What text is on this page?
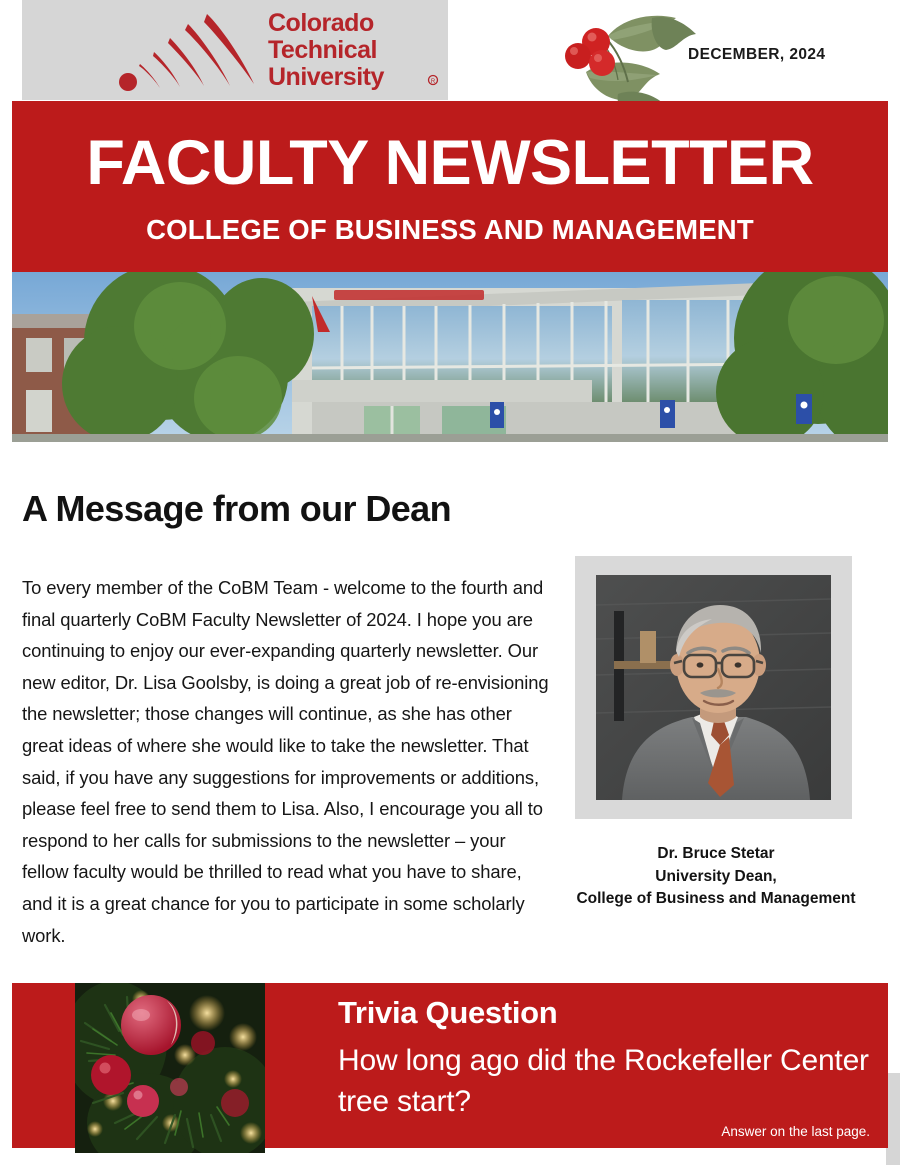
Colorado
Technical
University	R
DECEMBER, 2024
FACULTY NEWSLETTER
COLLEGE OF BUSINESS AND MANAGEMENT
A Message from our Dean
To every member of the CoBM Team - welcome to the fourth and final quarterly CoBM Faculty Newsletter of 2024. I hope you are continuing to enjoy our ever-expanding quarterly newsletter. Our new editor, Dr. Lisa Goolsby, is doing a great job of re-envisioning the newsletter; those changes will continue, as she has other great ideas of where she would like to take the newsletter. That said, if you have any suggestions for improvements or additions, please feel free to send them to Lisa. Also, I encourage you all to respond to her calls for submissions to the newsletter – your fellow faculty would be thrilled to read what you have to share, and it is a great chance for you to participate in some scholarly work.
Dr. Bruce Stetar
University Dean,
College of Business and Management
Trivia Question
How long ago did the Rockefeller Center tree start?
Answer on the last page.
